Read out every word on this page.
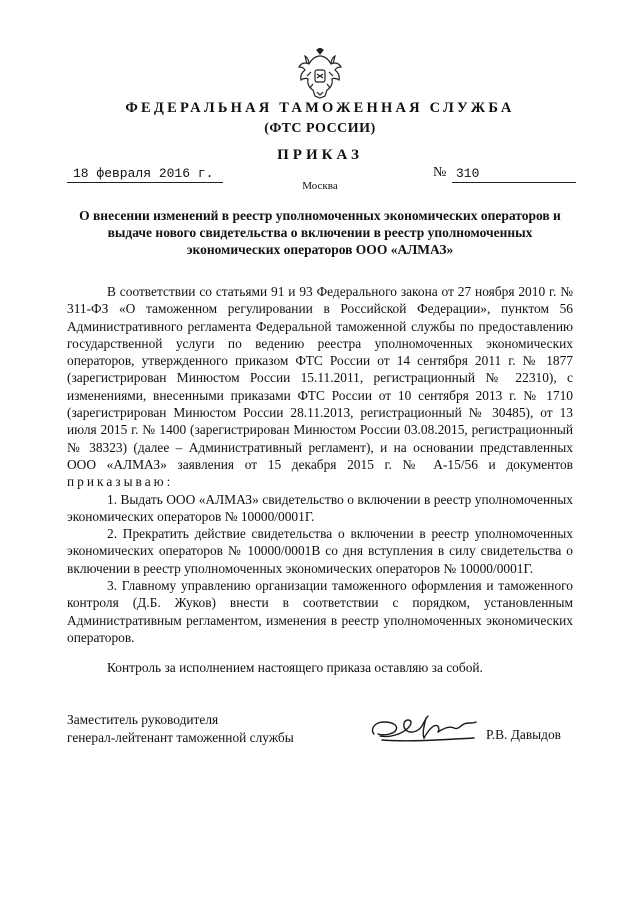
ФЕДЕРАЛЬНАЯ ТАМОЖЕННАЯ СЛУЖБА
(ФТС РОССИИ)
ПРИКАЗ
18 февраля 2016 г.	№ 310
Москва
О внесении изменений в реестр уполномоченных экономических операторов и выдаче нового свидетельства о включении в реестр уполномоченных экономических операторов ООО «АЛМАЗ»

В соответствии со статьями 91 и 93 Федерального закона от 27 ноября 2010 г. № 311-ФЗ «О таможенном регулировании в Российской Федерации», пунктом 56 Административного регламента Федеральной таможенной службы по предоставлению государственной услуги по ведению реестра уполномоченных экономических операторов, утвержденного приказом ФТС России от 14 сентября 2011 г. № 1877 (зарегистрирован Минюстом России 15.11.2011, регистрационный № 22310), с изменениями, внесенными приказами ФТС России от 10 сентября 2013 г. № 1710 (зарегистрирован Минюстом России 28.11.2013, регистрационный № 30485), от 13 июля 2015 г. № 1400 (зарегистрирован Минюстом России 03.08.2015, регистрационный № 38323) (далее – Административный регламент), и на основании представленных ООО «АЛМАЗ» заявления от 15 декабря 2015 г. № А-15/56 и документов приказываю:

1. Выдать ООО «АЛМАЗ» свидетельство о включении в реестр уполномоченных экономических операторов № 10000/0001Г.

2. Прекратить действие свидетельства о включении в реестр уполномоченных экономических операторов № 10000/0001В со дня вступления в силу свидетельства о включении в реестр уполномоченных экономических операторов № 10000/0001Г.

3. Главному управлению организации таможенного оформления и таможенного контроля (Д.Б. Жуков) внести в соответствии с порядком, установленным Административным регламентом, изменения в реестр уполномоченных экономических операторов.

Контроль за исполнением настоящего приказа оставляю за собой.
Заместитель руководителя
генерал-лейтенант таможенной службы	Р.В. Давыдов
